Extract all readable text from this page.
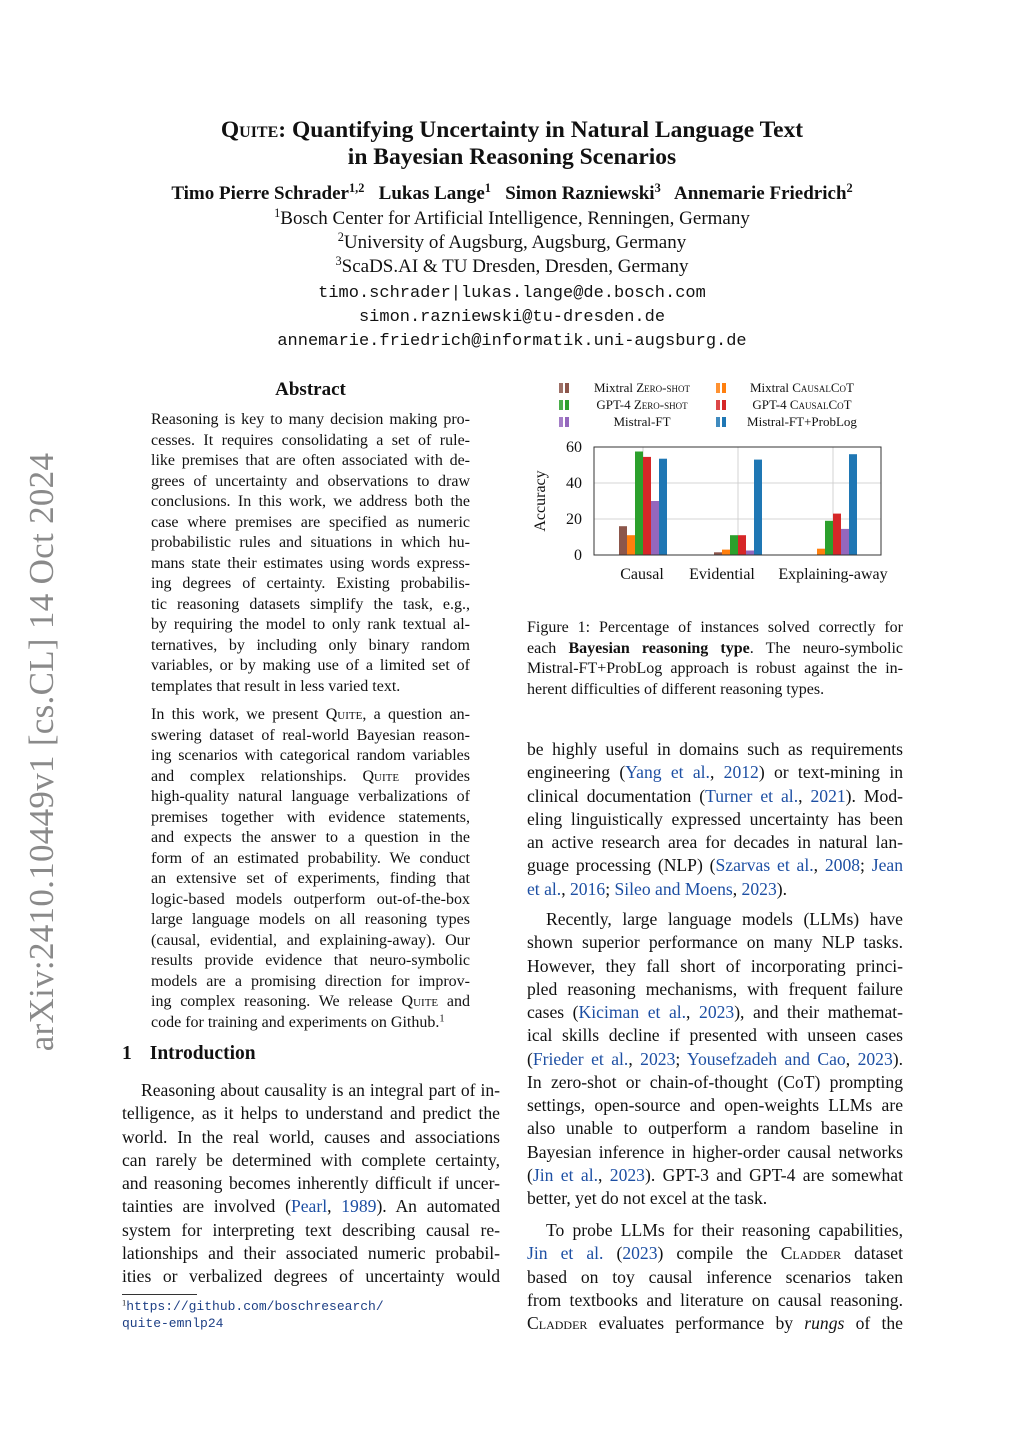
arXiv:2410.10449v1 [cs.CL] 14 Oct 2024
Quite: Quantifying Uncertainty in Natural Language Text
in Bayesian Reasoning Scenarios
Timo Pierre Schrader$^{1,2}$ Lukas Lange$^1$ Simon Razniewski$^3$ Annemarie Friedrich$^2$
$^1$Bosch Center for Artificial Intelligence, Renningen, Germany
$^2$University of Augsburg, Augsburg, Germany
$^3$ScaDS.AI & TU Dresden, Dresden, Germany
timo.schrader|lukas.lange@de.bosch.com
simon.razniewski@tu-dresden.de
annemarie.friedrich@informatik.uni-augsburg.de
Abstract
Reasoning is key to many decision making pro-
cesses. It requires consolidating a set of rule-
like premises that are often associated with de-
grees of uncertainty and observations to draw
conclusions. In this work, we address both the
case where premises are specified as numeric
probabilistic rules and situations in which hu-
mans state their estimates using words express-
ing degrees of certainty. Existing probabilis-
tic reasoning datasets simplify the task, e.g.,
by requiring the model to only rank textual al-
ternatives, by including only binary random
variables, or by making use of a limited set of
templates that result in less varied text.
In this work, we present Quite, a question an-
swering dataset of real-world Bayesian reason-
ing scenarios with categorical random variables
and complex relationships. Quite provides
high-quality natural language verbalizations of
premises together with evidence statements,
and expects the answer to a question in the
form of an estimated probability. We conduct
an extensive set of experiments, finding that
logic-based models outperform out-of-the-box
large language models on all reasoning types
(causal, evidential, and explaining-away). Our
results provide evidence that neuro-symbolic
models are a promising direction for improv-
ing complex reasoning. We release Quite and
code for training and experiments on Github.$^1$
1 Introduction
Reasoning about causality is an integral part of in-
telligence, as it helps to understand and predict the
world. In the real world, causes and associations
can rarely be determined with complete certainty,
and reasoning becomes inherently difficult if uncer-
tainties are involved (Pearl, 1989). An automated
system for interpreting text describing causal re-
lationships and their associated numeric probabil-
ities or verbalized degrees of uncertainty would
$^1$https://github.com/boschresearch/
quite-emnlp24
0
20
40
60
Causal Evidential Explaining-away
Accuracy
Mixtral Zero-shot	Mixtral CausalCoT
GPT-4 Zero-shot	GPT-4 CausalCoT
Mistral-FT	Mistral-FT+ProbLog
Figure 1: Percentage of instances solved correctly for
each Bayesian reasoning type. The neuro-symbolic
Mistral-FT+ProbLog approach is robust against the in-
herent difficulties of different reasoning types.
be highly useful in domains such as requirements
engineering (Yang et al., 2012) or text-mining in
clinical documentation (Turner et al., 2021). Mod-
eling linguistically expressed uncertainty has been
an active research area for decades in natural lan-
guage processing (NLP) (Szarvas et al., 2008; Jean
et al., 2016; Sileo and Moens, 2023).
Recently, large language models (LLMs) have
shown superior performance on many NLP tasks.
However, they fall short of incorporating princi-
pled reasoning mechanisms, with frequent failure
cases (Kiciman et al., 2023), and their mathemat-
ical skills decline if presented with unseen cases
(Frieder et al., 2023; Yousefzadeh and Cao, 2023).
In zero-shot or chain-of-thought (CoT) prompting
settings, open-source and open-weights LLMs are
also unable to outperform a random baseline in
Bayesian inference in higher-order causal networks
(Jin et al., 2023). GPT-3 and GPT-4 are somewhat
better, yet do not excel at the task.
To probe LLMs for their reasoning capabilities,
Jin et al. (2023) compile the Cladder dataset
based on toy causal inference scenarios taken
from textbooks and literature on causal reasoning.
Cladder evaluates performance by rungs of the
